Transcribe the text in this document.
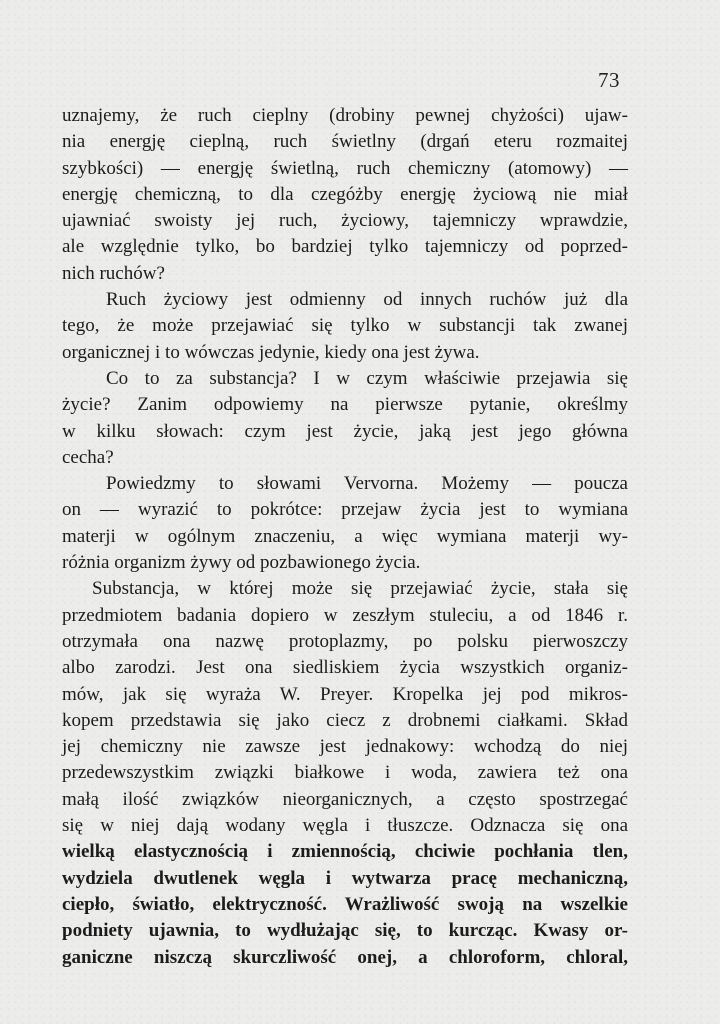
73
uznajemy, że ruch cieplny (drobiny pewnej chyżości) ujaw-
nia energję cieplną, ruch świetlny (drgań eteru rozmaitej
szybkości) — energję świetlną, ruch chemiczny (atomowy) —
energję chemiczną, to dla czegóżby energję życiową nie miał
ujawniać swoisty jej ruch, życiowy, tajemniczy wprawdzie,
ale względnie tylko, bo bardziej tylko tajemniczy od poprzed-
nich ruchów?
Ruch życiowy jest odmienny od innych ruchów już dla
tego, że może przejawiać się tylko w substancji tak zwanej
organicznej i to wówczas jedynie, kiedy ona jest żywa.
Co to za substancja? I w czym właściwie przejawia się
życie? Zanim odpowiemy na pierwsze pytanie, określmy
w kilku słowach: czym jest życie, jaką jest jego główna
cecha?
Powiedzmy to słowami Vervorna. Możemy — poucza
on — wyrazić to pokrótce: przejaw życia jest to wymiana
materji w ogólnym znaczeniu, a więc wymiana materji wy-
różnia organizm żywy od pozbawionego życia.
Substancja, w której może się przejawiać życie, stała się
przedmiotem badania dopiero w zeszłym stuleciu, a od 1846 r.
otrzymała ona nazwę protoplazmy, po polsku pierwoszczy
albo zarodzi. Jest ona siedliskiem życia wszystkich organiz-
mów, jak się wyraża W. Preyer. Kropelka jej pod mikros-
kopem przedstawia się jako ciecz z drobnemi ciałkami. Skład
jej chemiczny nie zawsze jest jednakowy: wchodzą do niej
przedewszystkim związki białkowe i woda, zawiera też ona
małą ilość związków nieorganicznych, a często spostrzegać
się w niej dają wodany węgla i tłuszcze. Odznacza się ona
wielką elastycznością i zmiennością, chciwie pochłania tlen,
wydziela dwutlenek węgla i wytwarza pracę mechaniczną,
ciepło, światło, elektryczność. Wrażliwość swoją na wszelkie
podniety ujawnia, to wydłużając się, to kurcząc. Kwasy or-
ganiczne niszczą skurczliwość onej, a chloroform, chloral,
